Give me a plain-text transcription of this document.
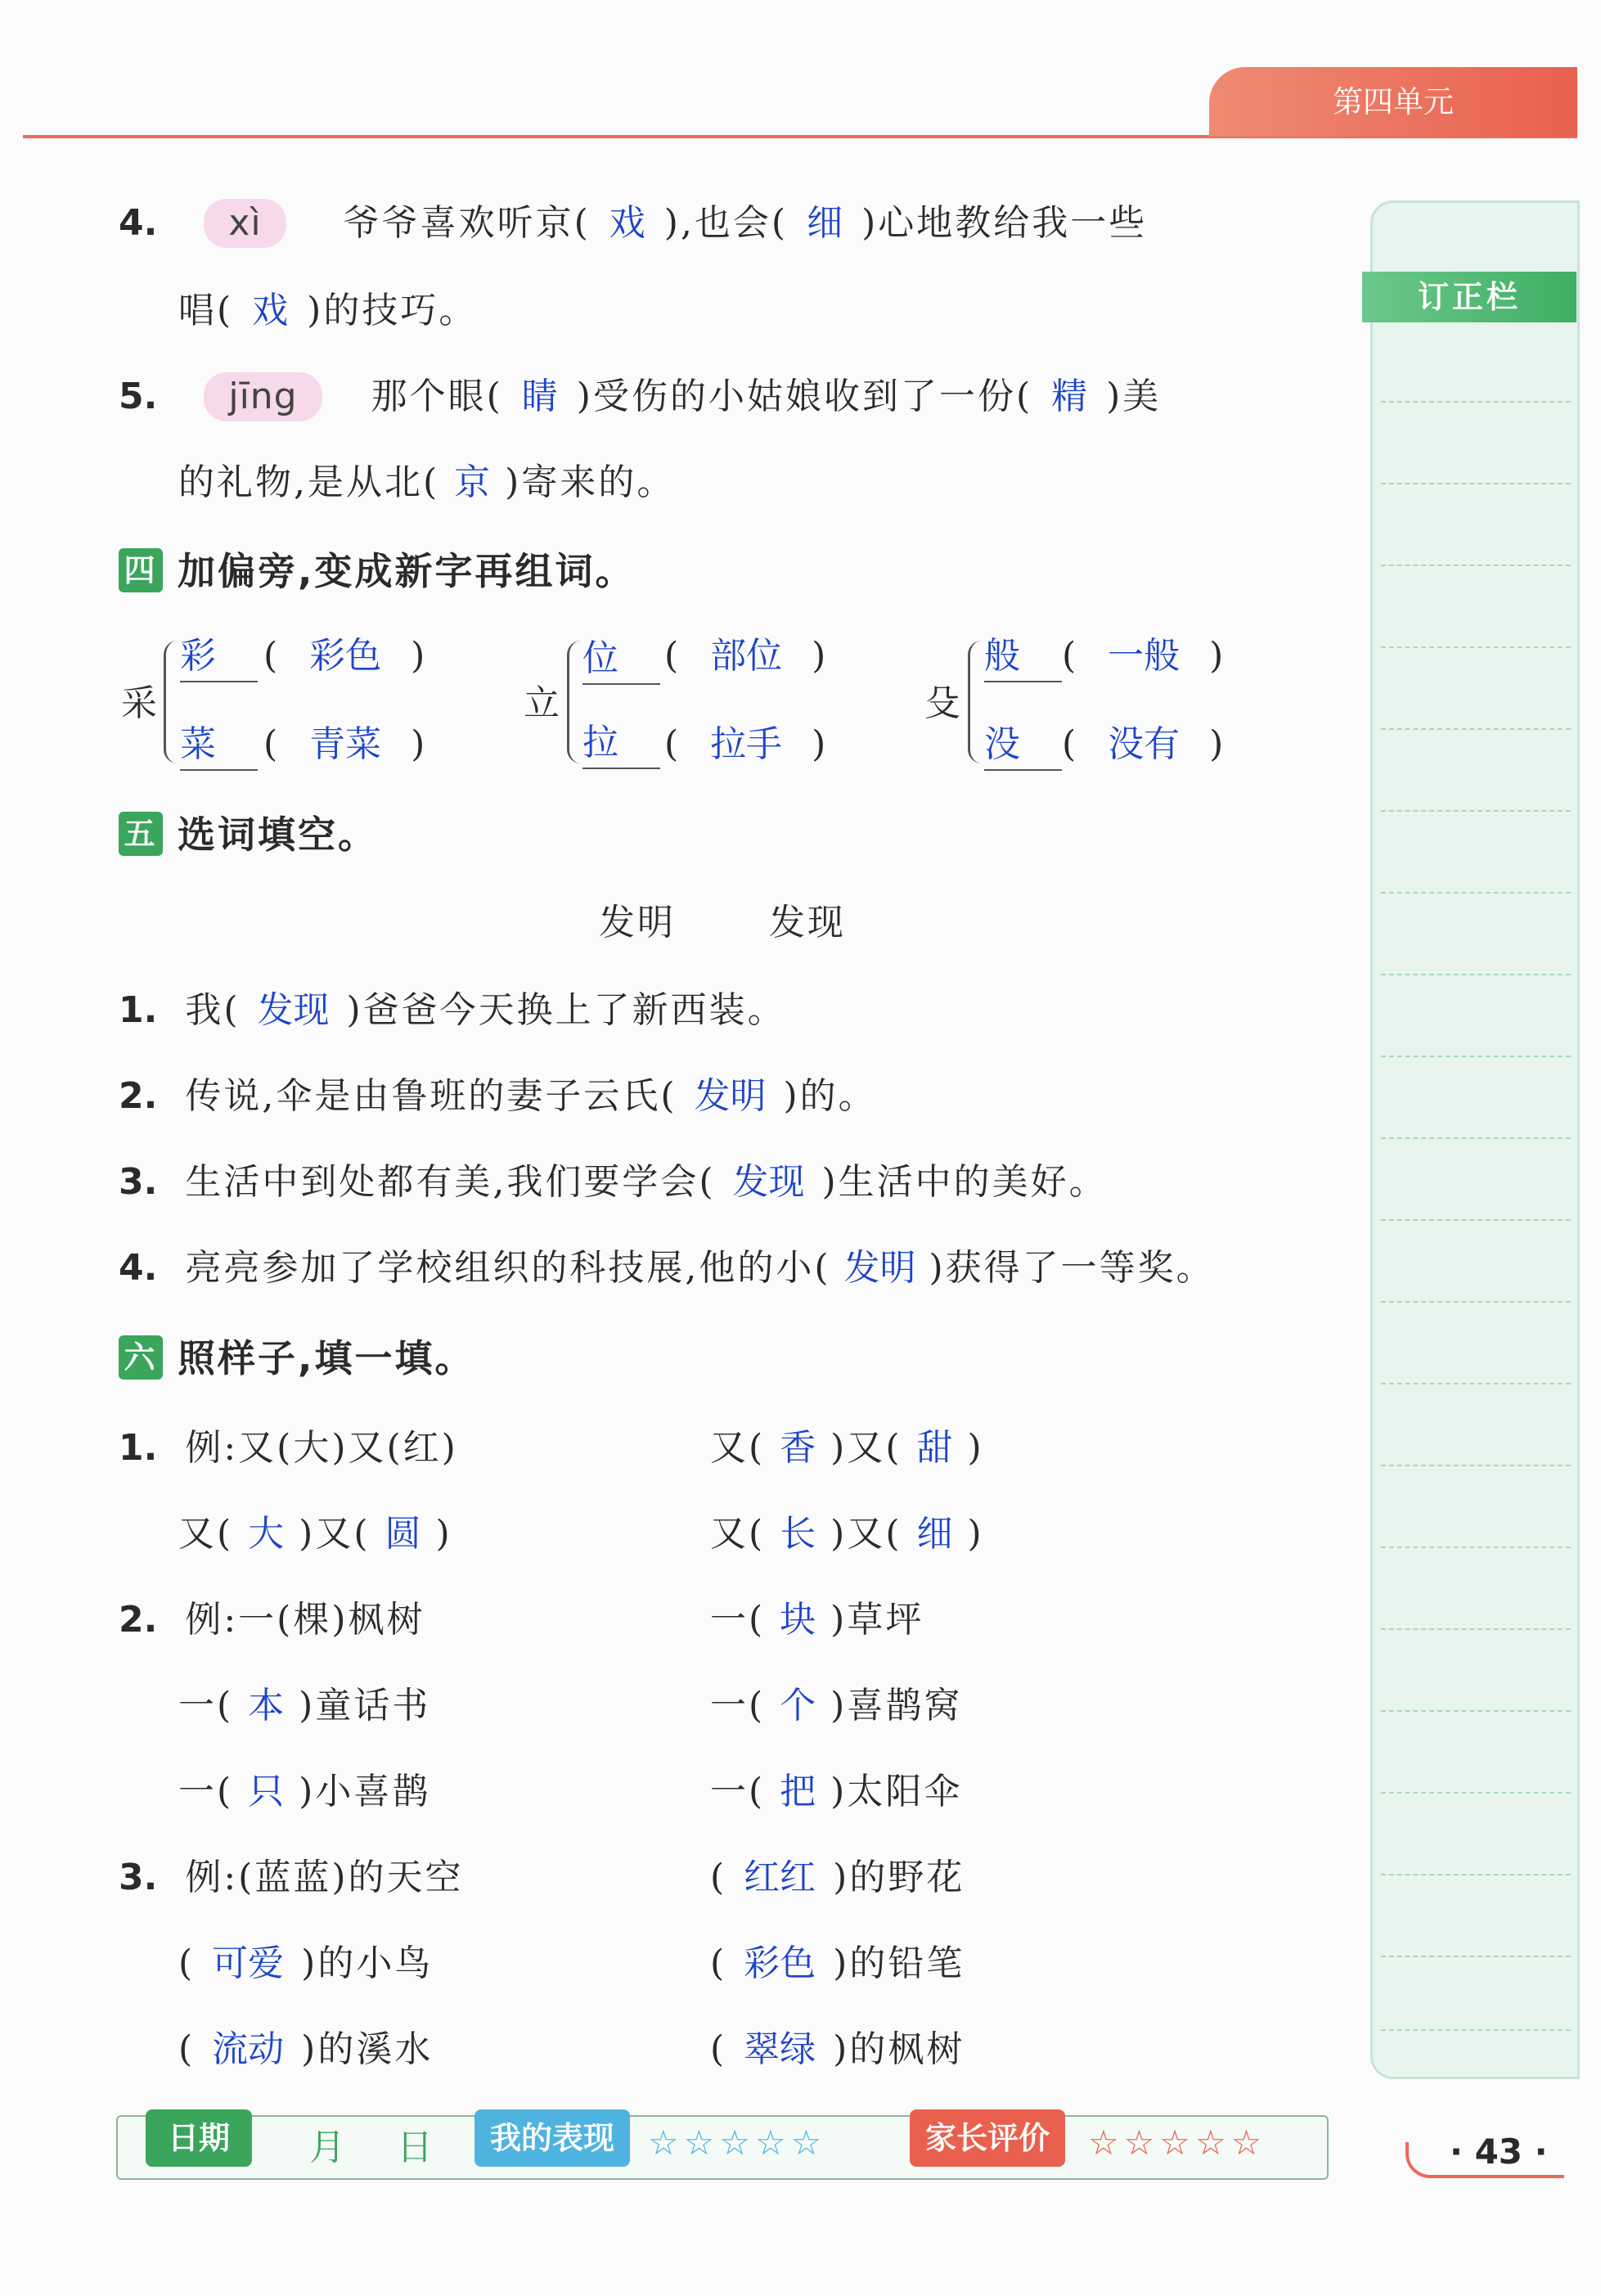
第四单元
订正栏
4. xì 爷爷喜欢听京( 戏 ),也会( 细 )心地教给我一些
唱( 戏 )的技巧。
5. jīng 那个眼( 睛 )受伤的小姑娘收到了一份( 精 )美
的礼物,是从北( 京 )寄来的。
四 加偏旁,变成新字再组词。
采
彩	( 彩色 )
菜	( 青菜 )
立
位	( 部位 )
拉	( 拉手 )
殳
般	( 一般 )
没	( 没有 )
五 选词填空。
发明	发现
1. 我( 发现 )爸爸今天换上了新西装。
2. 传说,伞是由鲁班的妻子云氏( 发明 )的。
3. 生活中到处都有美,我们要学会( 发现 )生活中的美好。
4. 亮亮参加了学校组织的科技展,他的小( 发明 )获得了一等奖。
六 照样子,填一填。
1. 例:又(大)又(红)	又( 香 )又( 甜 )
又( 大 )又( 圆 )	又( 长 )又( 细 )
2. 例:一(棵)枫树	一( 块 )草坪
一( 本 )童话书	一( 个 )喜鹊窝
一( 只 )小喜鹊	一( 把 )太阳伞
3. 例:(蓝蓝)的天空	( 红红 )的野花
( 可爱 )的小鸟	( 彩色 )的铅笔
( 流动 )的溪水	( 翠绿 )的枫树
日期	月 日	我的表现 ☆☆☆☆☆	家长评价	☆☆☆☆☆	· 43 ·
